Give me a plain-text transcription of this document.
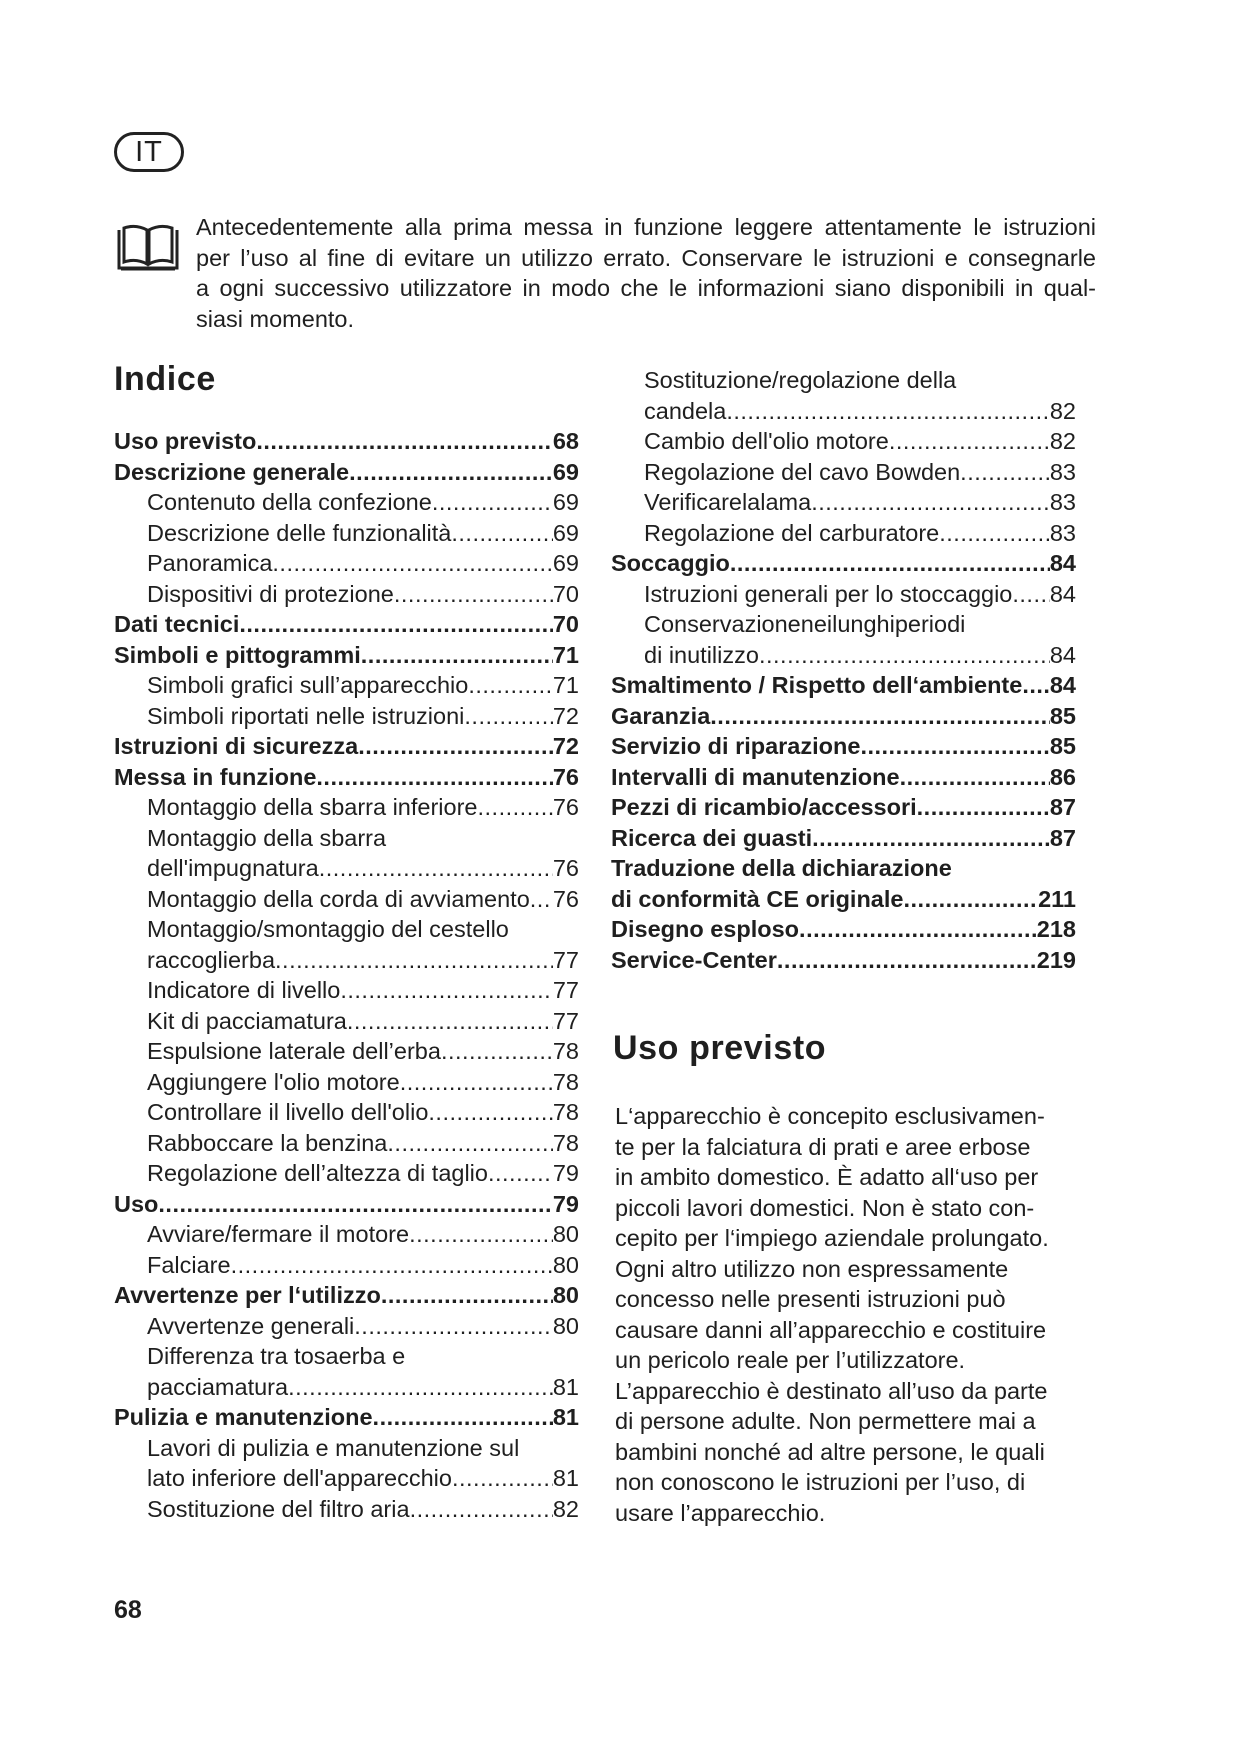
IT

Antecedentemente alla prima messa in funzione leggere attentamente le istruzioni
per l’uso al fine di evitare un utilizzo errato. Conservare le istruzioni e consegnarle
a ogni successivo utilizzatore in modo che le informazioni siano disponibili in qual-
siasi momento.

Indice
Uso previsto .....	68
Descrizione generale .....	69
Contenuto della confezione .....	69
Descrizione delle funzionalità .....	69
Panoramica .....	69
Dispositivi di protezione .....	70
Dati tecnici .....	70
Simboli e pittogrammi .....	71
Simboli grafici sull’apparecchio .....	71
Simboli riportati nelle istruzioni .....	72
Istruzioni di sicurezza .....	72
Messa in funzione .....	76
Montaggio della sbarra inferiore .....	76
Montaggio della sbarra
dell'impugnatura .....	76
Montaggio della corda di avviamento ..... 76
Montaggio/smontaggio del cestello
raccoglierba .....	77
Indicatore di livello .....	77
Kit di pacciamatura .....	77
Espulsione laterale dell’erba .....	78
Aggiungere l'olio motore .....	78
Controllare il livello dell'olio .....	78
Rabboccare la benzina .....	78
Regolazione dell’altezza di taglio .....	79
Uso .....	79
Avviare/fermare il motore .....	80
Falciare .....	80
Avvertenze per l‘utilizzo .....	80
Avvertenze generali .....	80
Differenza tra tosaerba e
pacciamatura .....	81
Pulizia e manutenzione .....	81
Lavori di pulizia e manutenzione sul
lato inferiore dell'apparecchio .....	81
Sostituzione del filtro aria .....	82
Sostituzione/regolazione della
candela .....	82
Cambio dell'olio motore .....	82
Regolazione del cavo Bowden .....	83
Verificarelalama .....	83
Regolazione del carburatore .....	83
Soccaggio .....	84
Istruzioni generali per lo stoccaggio ..... 84
Conservazioneneilunghiperiodi
di inutilizzo .....	84
Smaltimento / Rispetto dell‘ambiente ..... 84
Garanzia .....	85
Servizio di riparazione .....	85
Intervalli di manutenzione .....	86
Pezzi di ricambio/accessori .....	87
Ricerca dei guasti .....	87
Traduzione della dichiarazione
di conformità CE originale .....	211
Disegno esploso .....	218
Service-Center .....	219
Uso previsto

L‘apparecchio è concepito esclusivamen-
te per la falciatura di prati e aree erbose
in ambito domestico. È adatto all‘uso per
piccoli lavori domestici. Non è stato con-
cepito per l‘impiego aziendale prolungato.
Ogni altro utilizzo non espressamente
concesso nelle presenti istruzioni può
causare danni all’apparecchio e costituire
un pericolo reale per l’utilizzatore.
L’apparecchio è destinato all’uso da parte
di persone adulte. Non permettere mai a
bambini nonché ad altre persone, le quali
non conoscono le istruzioni per l’uso, di
usare l’apparecchio.

68
